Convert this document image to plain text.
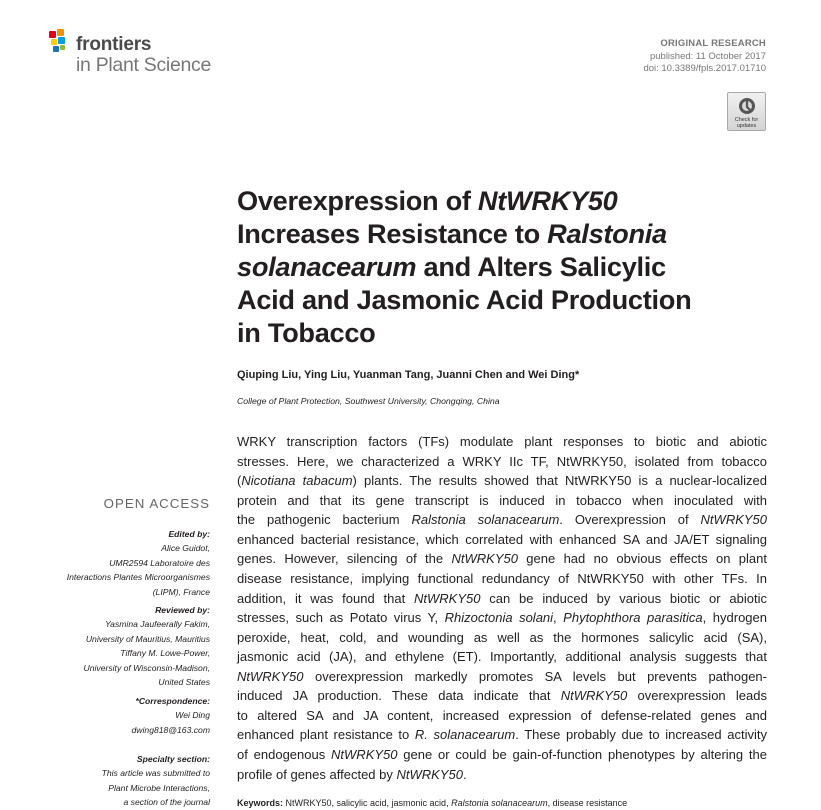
frontiers
in Plant Science
ORIGINAL RESEARCH
published: 11 October 2017
doi: 10.3389/fpls.2017.01710
Check for
updates
Overexpression of NtWRKY50
Increases Resistance to Ralstonia
solanacearum and Alters Salicylic
Acid and Jasmonic Acid Production
in Tobacco
Qiuping Liu, Ying Liu, Yuanman Tang, Juanni Chen and Wei Ding*
College of Plant Protection, Southwest University, Chongqing, China
WRKY transcription factors (TFs) modulate plant responses to biotic and abiotic
stresses. Here, we characterized a WRKY IIc TF, NtWRKY50, isolated from tobacco
(Nicotiana tabacum) plants. The results showed that NtWRKY50 is a nuclear-localized
protein and that its gene transcript is induced in tobacco when inoculated with
the pathogenic bacterium Ralstonia solanacearum. Overexpression of NtWRKY50
enhanced bacterial resistance, which correlated with enhanced SA and JA/ET signaling
genes. However, silencing of the NtWRKY50 gene had no obvious effects on plant
disease resistance, implying functional redundancy of NtWRKY50 with other TFs. In
addition, it was found that NtWRKY50 can be induced by various biotic or abiotic
stresses, such as Potato virus Y, Rhizoctonia solani, Phytophthora parasitica, hydrogen
peroxide, heat, cold, and wounding as well as the hormones salicylic acid (SA),
jasmonic acid (JA), and ethylene (ET). Importantly, additional analysis suggests that
NtWRKY50 overexpression markedly promotes SA levels but prevents pathogen-
induced JA production. These data indicate that NtWRKY50 overexpression leads
to altered SA and JA content, increased expression of defense-related genes and
enhanced plant resistance to R. solanacearum. These probably due to increased activity
of endogenous NtWRKY50 gene or could be gain-of-function phenotypes by altering the
profile of genes affected by NtWRKY50.
Keywords: NtWRKY50, salicylic acid, jasmonic acid, Ralstonia solanacearum, disease resistance
OPEN ACCESS
Edited by:
Alice Guidot,
UMR2594 Laboratoire des
Interactions Plantes Microorganismes
(LIPM), France
Reviewed by:
Yasmina Jaufeerally Fakim,
University of Mauritius, Mauritius
Tiffany M. Lowe-Power,
University of Wisconsin-Madison,
United States
*Correspondence:
Wei Ding
dwing818@163.com
Specialty section:
This article was submitted to
Plant Microbe Interactions,
a section of the journal
